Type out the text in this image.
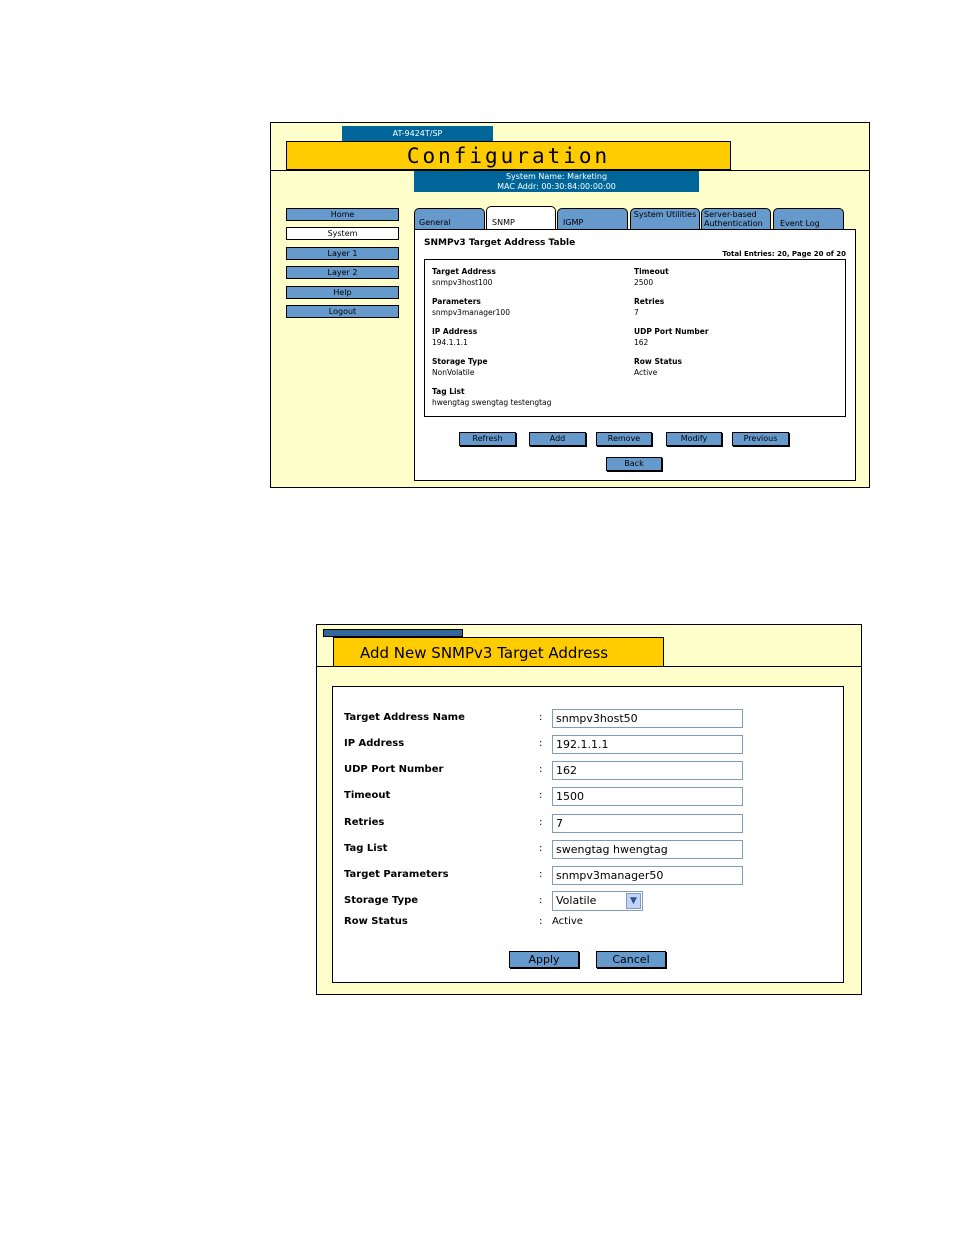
AT-9424T/SP
Configuration
System Name: Marketing
MAC Addr: 00:30:84:00:00:00
Home
System
Layer 1
Layer 2
Help
Logout
General	SNMP	IGMP
System Utilities Server-based Authentication	Event Log
SNMPv3 Target Address Table
Total Entries: 20, Page 20 of 20
Target Address
snmpv3host100
Timeout
2500
Parameters
snmpv3manager100
Retries
7
IP Address
194.1.1.1
UDP Port Number
162
Storage Type
NonVolatile
Row Status
Active
Tag List
hwengtag swengtag testengtag
Refresh	Add	Remove	Modify	Previous
Back
Add New SNMPv3 Target Address
Target Address Name	:
snmpv3host50
IP Address	:
192.1.1.1
UDP Port Number	:
162
Timeout	:
1500
Retries	:
7
Tag List	:
swengtag hwengtag
Target Parameters	:
snmpv3manager50
Storage Type	:	Volatile	▼
Row Status	: Active
Apply	Cancel
